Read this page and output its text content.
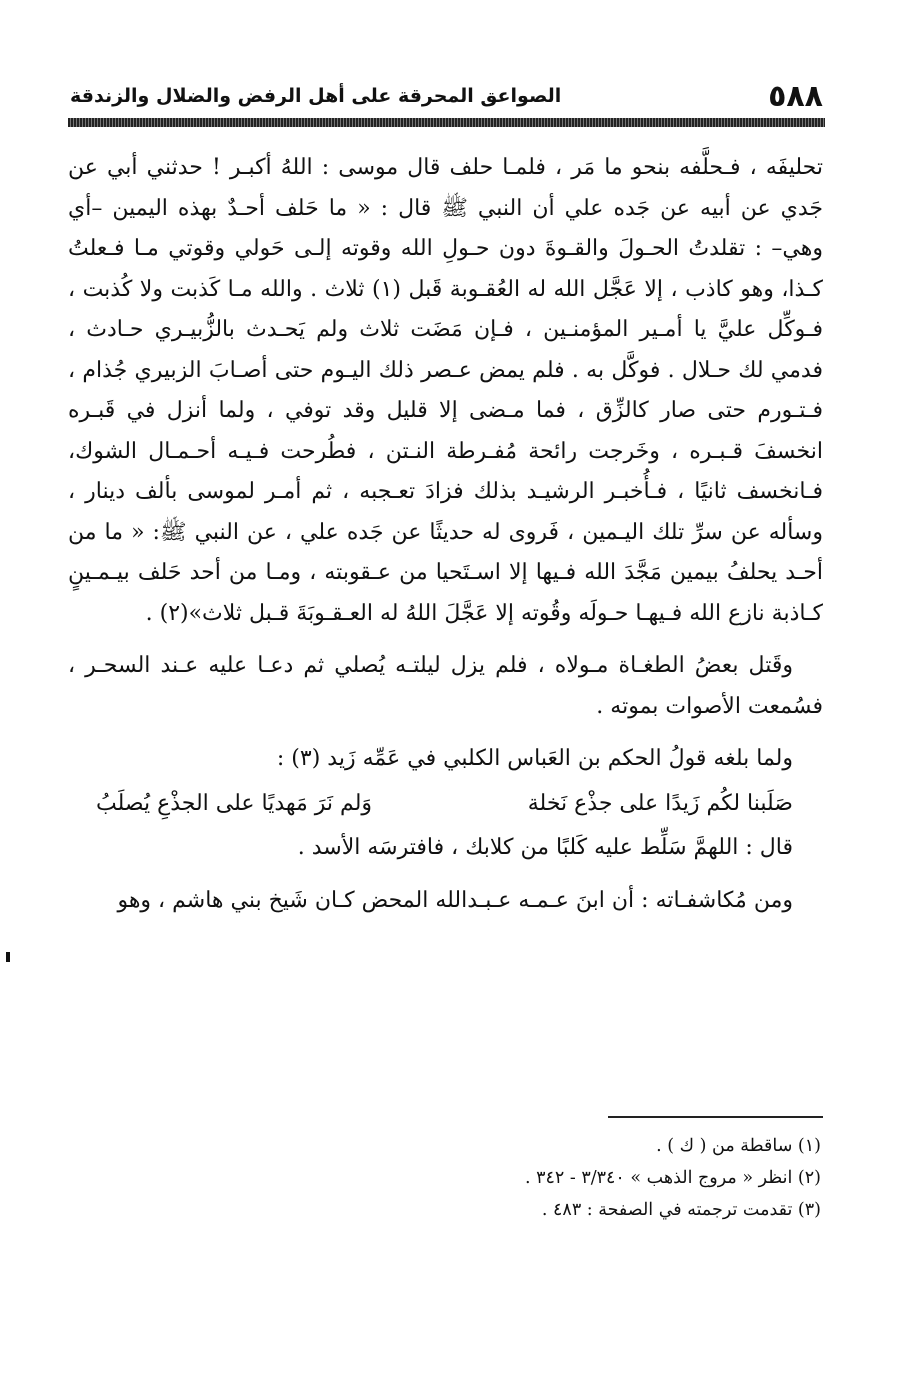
٥٨٨
الصواعق المحرقة على أهل الرفض والضلال والزندقة

تحليفَه ، فـحلَّفه بنحو ما مَر ، فلمـا حلف قال موسى : اللهُ أكبـر ! حدثني أبي عن جَدي عن أبيه عن جَده علي أن النبي ﷺ قال : « ما حَلف أحـدٌ بهذه اليمين –أي وهي– : تقلدتُ الحـولَ والقـوةَ دون حـولِ الله وقوته إلـى حَولي وقوتي مـا فـعلتُ كـذا، وهو كاذب ، إلا عَجَّل الله له العُقـوبة قَبل (١) ثلاث . والله مـا كَذبت ولا كُذبت ، فـوكِّل عليَّ يا أمـير المؤمنـين ، فـإن مَضَت ثلاث ولم يَحـدث بالزُّبيـري حـادث ، فدمي لك حـلال . فوكَّل به . فلم يمض عـصر ذلك اليـوم حتى أصـابَ الزبيري جُذام ، فـتـورم حتى صار كالزِّق ، فما مـضى إلا قليل وقد توفي ، ولما أنزل في قَبـره انخسفَ قـبـره ، وخَرجت رائحة مُفـرطة النـتن ، فطُرحت فـيـه أحـمـال الشوك، فـانخسف ثانيًا ، فـأُخبـر الرشيـد بذلك فزادَ تعـجبه ، ثم أمـر لموسى بألف دينار ، وسأله عن سرِّ تلك اليـمين ، فَروى له حديثًا عن جَده علي ، عن النبي ﷺ: « ما من أحـد يحلفُ بيمين مَجَّدَ الله فـيها إلا اسـتَحيا من عـقوبته ، ومـا من أحد حَلف بيـمـينٍ كـاذبة نازع الله فـيهـا حـولَه وقُوته إلا عَجَّلَ اللهُ له العـقـوبَةَ قـبل ثلاث»(٢) .

وقَتل بعضُ الطغـاة مـولاه ، فلم يزل ليلتـه يُصلي ثم دعـا عليه عـند السحـر ، فسُمعت الأصوات بموته .

ولما بلغه قولُ الحكم بن العَباس الكلبي في عَمِّه زَيد (٣) :

صَلَبنا لكُم زَيدًا على جذْع نَخلة
وَلم نَرَ مَهديًا على الجذْعِ يُصلَبُ

قال : اللهمَّ سَلِّط عليه كَلبًا من كلابك ، فافترسَه الأسد .

ومن مُكاشفـاته : أن ابنَ عـمـه عـبـدالله المحض كـان شَيخ بني هاشم ، وهو

(١) ساقطة من ( ك ) .

(٢) انظر « مروج الذهب » ٣/٣٤٠ - ٣٤٢ .

(٣) تقدمت ترجمته في الصفحة : ٤٨٣ .
